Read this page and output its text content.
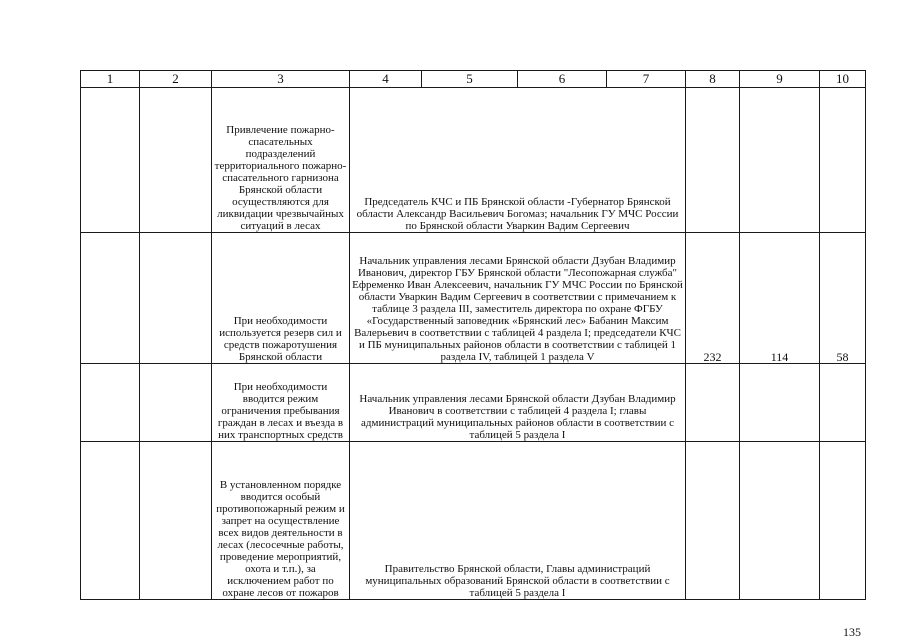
1	2	3	4	5	6	7	8	9	10
		Привлечение пожарно-спасательных подразделений территориального пожарно-спасательного гарнизона Брянской области осуществляются для ликвидации чрезвычайных ситуаций в лесах	Председатель КЧС и ПБ Брянской области -Губернатор Брянской области Александр Васильевич Богомаз; начальник ГУ МЧС России по Брянской области Уваркин Вадим Сергеевич						
		При необходимости используется резерв сил и средств пожаротушения Брянской области	Начальник управления лесами Брянской области Дзубан Владимир Иванович, директор ГБУ Брянской области "Лесопожарная служба" Ефременко Иван Алексеевич, начальник ГУ МЧС России по Брянской области Уваркин Вадим Сергеевич в соответствии с примечанием к таблице 3 раздела III, заместитель директора по охране ФГБУ «Государственный заповедник «Брянский лес» Бабанин Максим Валерьевич в соответствии с таблицей 4 раздела I; председатели КЧС и ПБ муниципальных районов области в соответствии с таблицей 1 раздела IV, таблицей 1 раздела V				232	114	58
		При необходимости вводится режим ограничения пребывания граждан в лесах и въезда в них транспортных средств	Начальник управления лесами Брянской области Дзубан Владимир Иванович в соответствии с таблицей 4 раздела I; главы администраций муниципальных районов области в соответствии с таблицей 5 раздела I						
		В установленном порядке вводится особый противопожарный режим и запрет на осуществление всех видов деятельности в лесах (лесосечные работы, проведение мероприятий, охота и т.п.), за исключением работ по охране лесов от пожаров	Правительство Брянской области, Главы администраций муниципальных образований Брянской области в соответствии с таблицей 5 раздела I						
135
